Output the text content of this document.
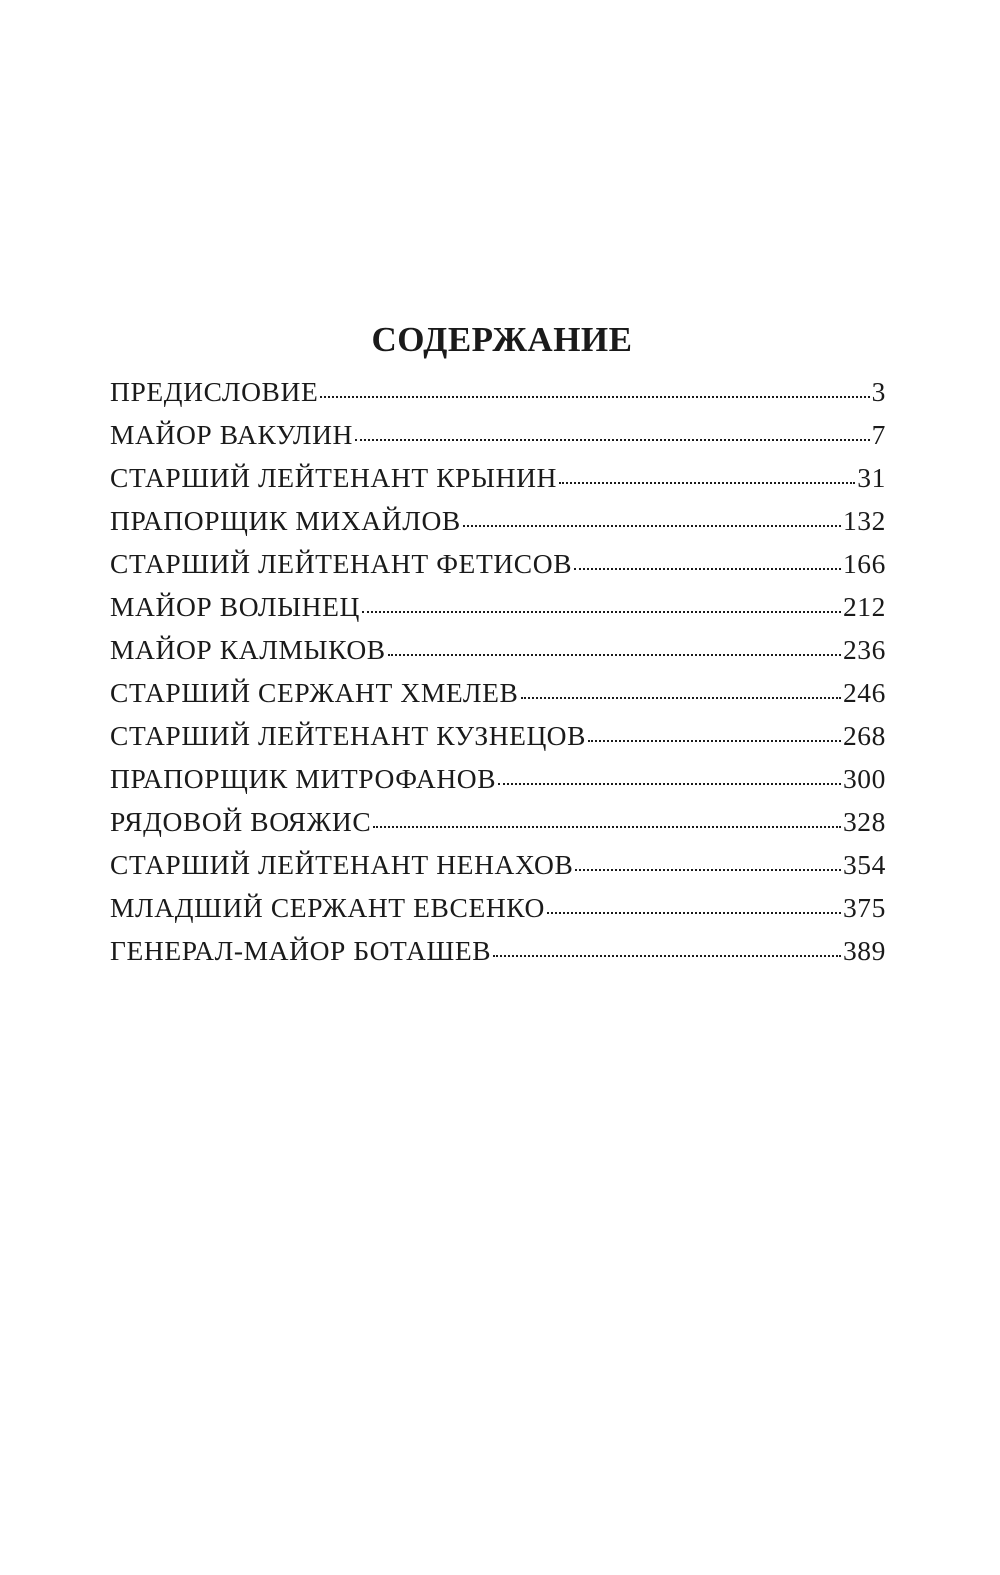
СОДЕРЖАНИЕ
ПРЕДИСЛОВИЕ	3
МАЙОР ВАКУЛИН	7
СТАРШИЙ ЛЕЙТЕНАНТ КРЫНИН	31
ПРАПОРЩИК МИХАЙЛОВ	132
СТАРШИЙ ЛЕЙТЕНАНТ ФЕТИСОВ	166
МАЙОР ВОЛЫНЕЦ	212
МАЙОР КАЛМЫКОВ	236
СТАРШИЙ СЕРЖАНТ ХМЕЛЕВ	246
СТАРШИЙ ЛЕЙТЕНАНТ КУЗНЕЦОВ	268
ПРАПОРЩИК МИТРОФАНОВ	300
РЯДОВОЙ ВОЯЖИС	328
СТАРШИЙ ЛЕЙТЕНАНТ НЕНАХОВ	354
МЛАДШИЙ СЕРЖАНТ ЕВСЕНКО	375
ГЕНЕРАЛ-МАЙОР БОТАШЕВ	389
